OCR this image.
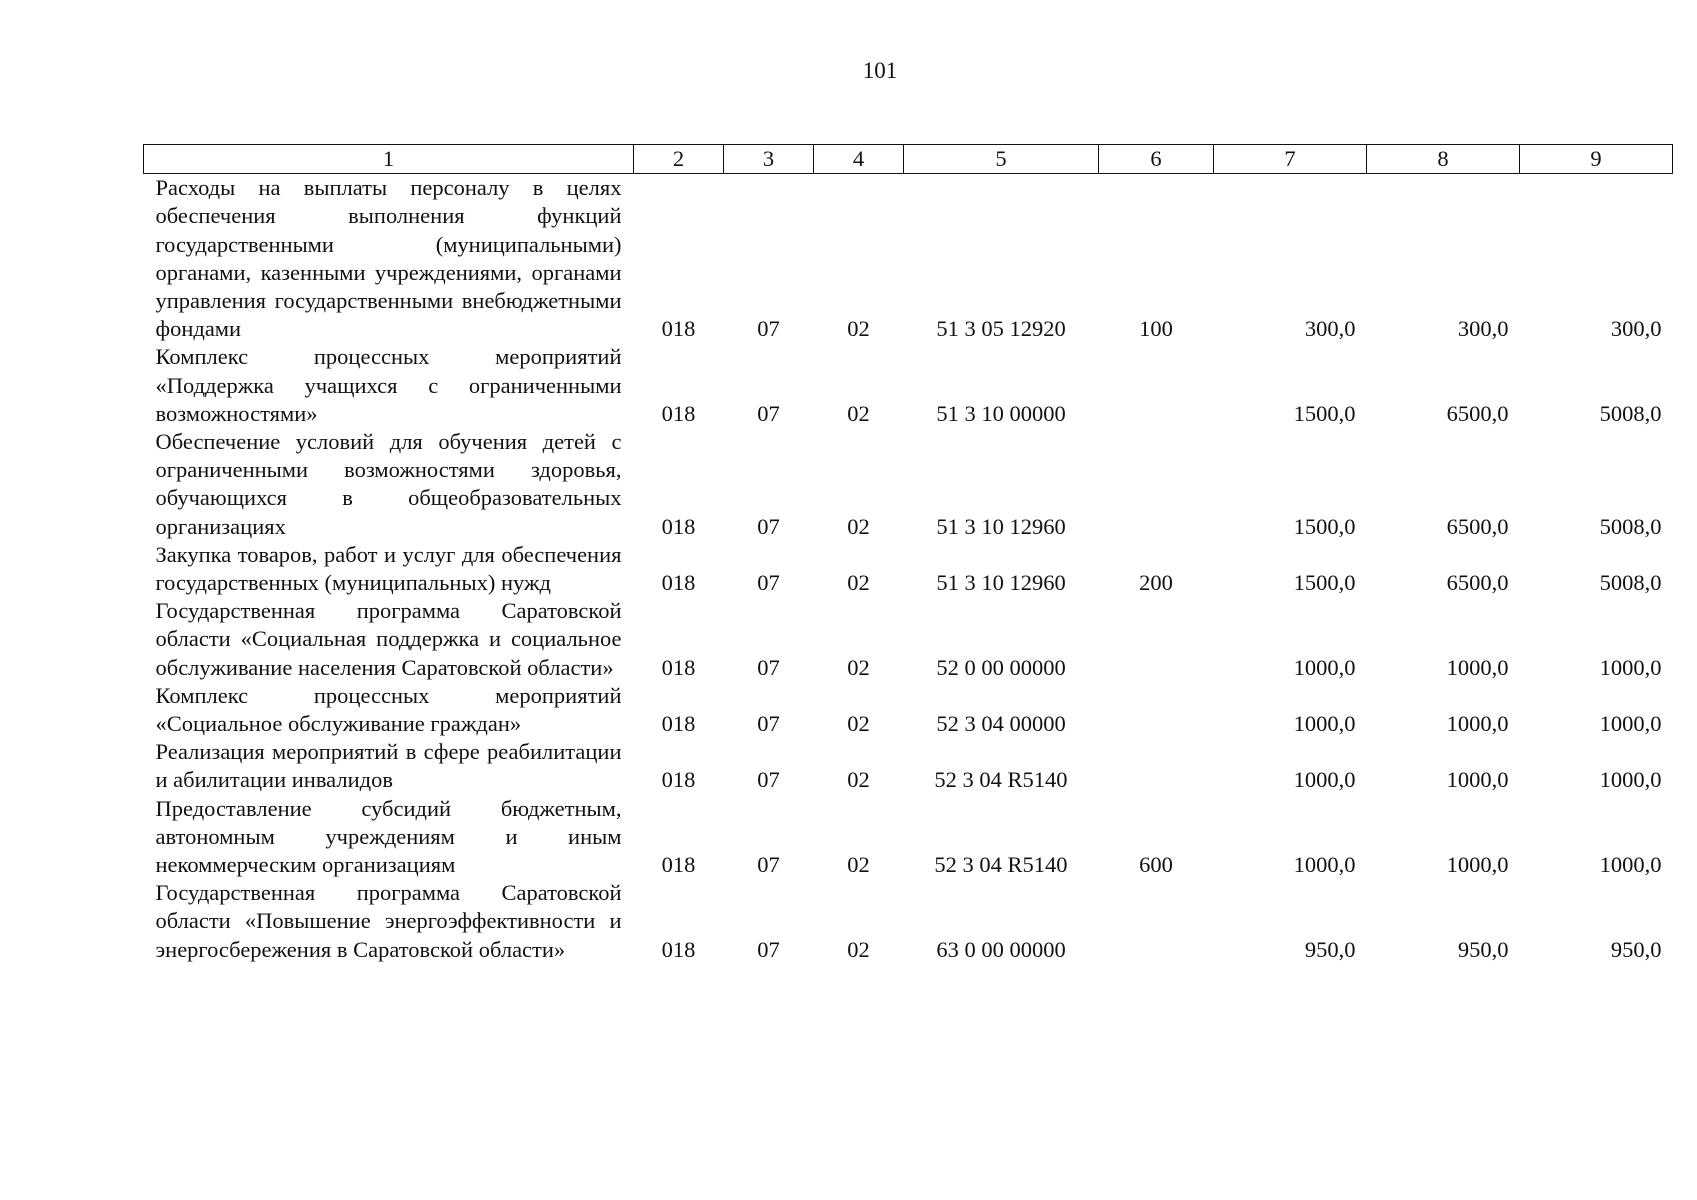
101
1	2	3	4	5	6	7	8	9
Расходы на выплаты персоналу в целях обеспечения выполнения функций государственными (муниципальными) органами, казенными учреждениями, органами управления государственными внебюджетными фондами	018	07	02	51 3 05 12920	100	300,0	300,0	300,0
Комплекс процессных мероприятий «Поддержка учащихся с ограниченными возможностями»	018	07	02	51 3 10 00000		1500,0	6500,0	5008,0
Обеспечение условий для обучения детей с ограниченными возможностями здоровья, обучающихся в общеобразовательных организациях	018	07	02	51 3 10 12960		1500,0	6500,0	5008,0
Закупка товаров, работ и услуг для обеспечения государственных (муниципальных) нужд	018	07	02	51 3 10 12960	200	1500,0	6500,0	5008,0
Государственная программа Саратовской области «Социальная поддержка и социальное обслуживание населения Саратовской области»	018	07	02	52 0 00 00000		1000,0	1000,0	1000,0
Комплекс процессных мероприятий «Социальное обслуживание граждан»	018	07	02	52 3 04 00000		1000,0	1000,0	1000,0
Реализация мероприятий в сфере реабилитации и абилитации инвалидов	018	07	02	52 3 04 R5140		1000,0	1000,0	1000,0
Предоставление субсидий бюджетным, автономным учреждениям и иным некоммерческим организациям	018	07	02	52 3 04 R5140	600	1000,0	1000,0	1000,0
Государственная программа Саратовской области «Повышение энергоэффективности и энергосбережения в Саратовской области»	018	07	02	63 0 00 00000		950,0	950,0	950,0
